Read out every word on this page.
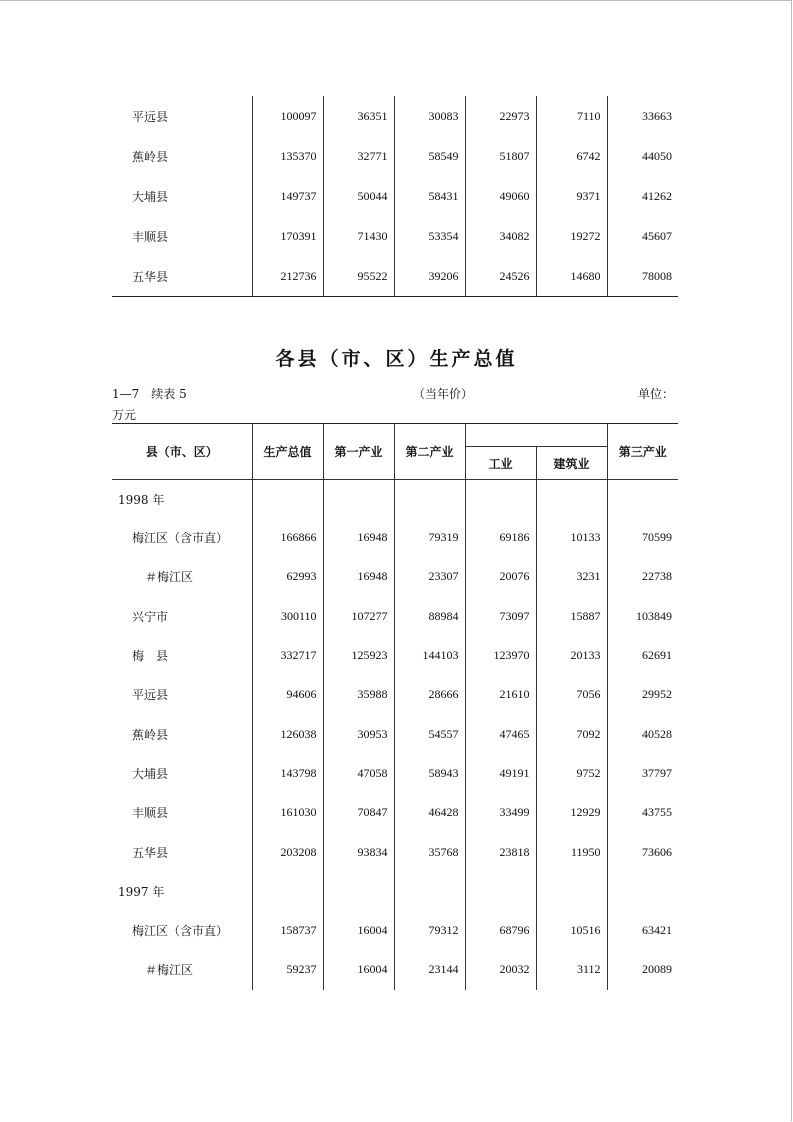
平远县	100097	36351	30083	22973	7110	33663
蕉岭县	135370	32771	58549	51807	6742	44050
大埔县	149737	50044	58431	49060	9371	41262
丰顺县	170391	71430	53354	34082	19272	45607
五华县	212736	95522	39206	24526	14680	78008
各县（市、区）生产总值
1—7　续表 5	（当年价）	单位：
万元
县（市、区）	生产总值	第一产业	第二产业			第三产业
				工业	建筑业	
1998 年						
梅江区（含市直）	166866	16948	79319	69186	10133	70599
＃梅江区	62993	16948	23307	20076	3231	22738
兴宁市	300110	107277	88984	73097	15887	103849
梅　县	332717	125923	144103	123970	20133	62691
平远县	94606	35988	28666	21610	7056	29952
蕉岭县	126038	30953	54557	47465	7092	40528
大埔县	143798	47058	58943	49191	9752	37797
丰顺县	161030	70847	46428	33499	12929	43755
五华县	203208	93834	35768	23818	11950	73606
1997 年						
梅江区（含市直）	158737	16004	79312	68796	10516	63421
＃梅江区	59237	16004	23144	20032	3112	20089
